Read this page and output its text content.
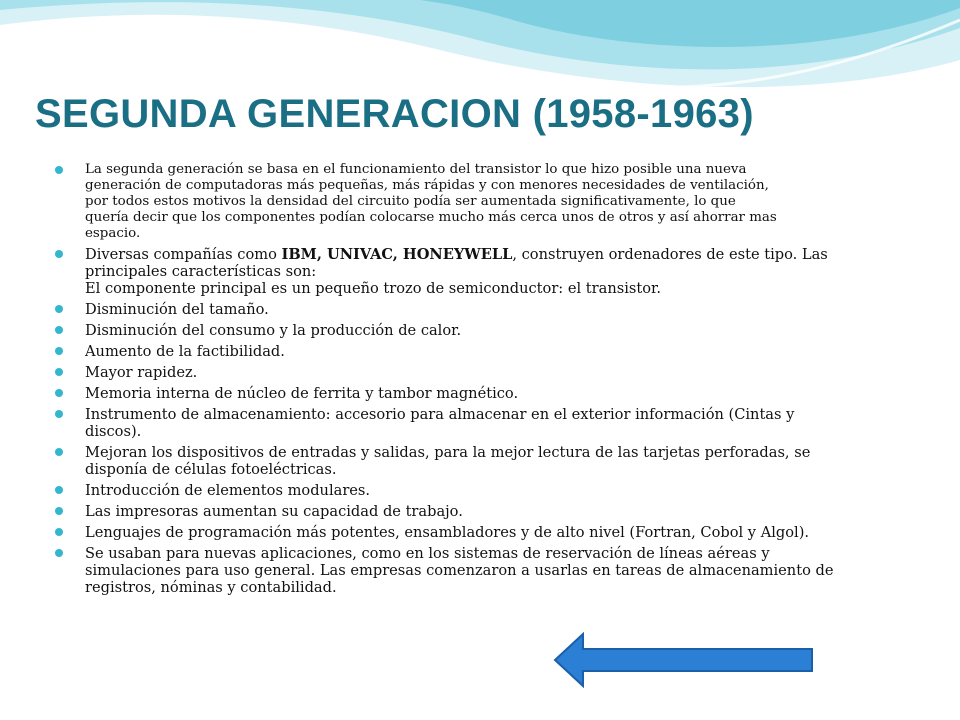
SEGUNDA GENERACION (1958-1963)
La segunda generación se basa en el funcionamiento del transistor lo que hizo posible una nueva
generación de computadoras más pequeñas, más rápidas y con menores necesidades de ventilación,
por todos estos motivos la densidad del circuito podía ser aumentada significativamente, lo que
quería decir que los componentes podían colocarse mucho más cerca unos de otros y así ahorrar mas
espacio.
Diversas compañías como IBM, UNIVAC, HONEYWELL, construyen ordenadores de este tipo. Las
principales características son:
El componente principal es un pequeño trozo de semiconductor: el transistor.
Disminución del tamaño.
Disminución del consumo y la producción de calor.
Aumento de la factibilidad.
Mayor rapidez.
Memoria interna de núcleo de ferrita y tambor magnético.
Instrumento de almacenamiento: accesorio para almacenar en el exterior información (Cintas y
discos).
Mejoran los dispositivos de entradas y salidas, para la mejor lectura de las tarjetas perforadas, se
disponía de células fotoeléctricas.
Introducción de elementos modulares.
Las impresoras aumentan su capacidad de trabajo.
Lenguajes de programación más potentes, ensambladores y de alto nivel (Fortran, Cobol y Algol).
Se usaban para nuevas aplicaciones, como en los sistemas de reservación de líneas aéreas y
simulaciones para uso general. Las empresas comenzaron a usarlas en tareas de almacenamiento de
registros, nóminas y contabilidad.
